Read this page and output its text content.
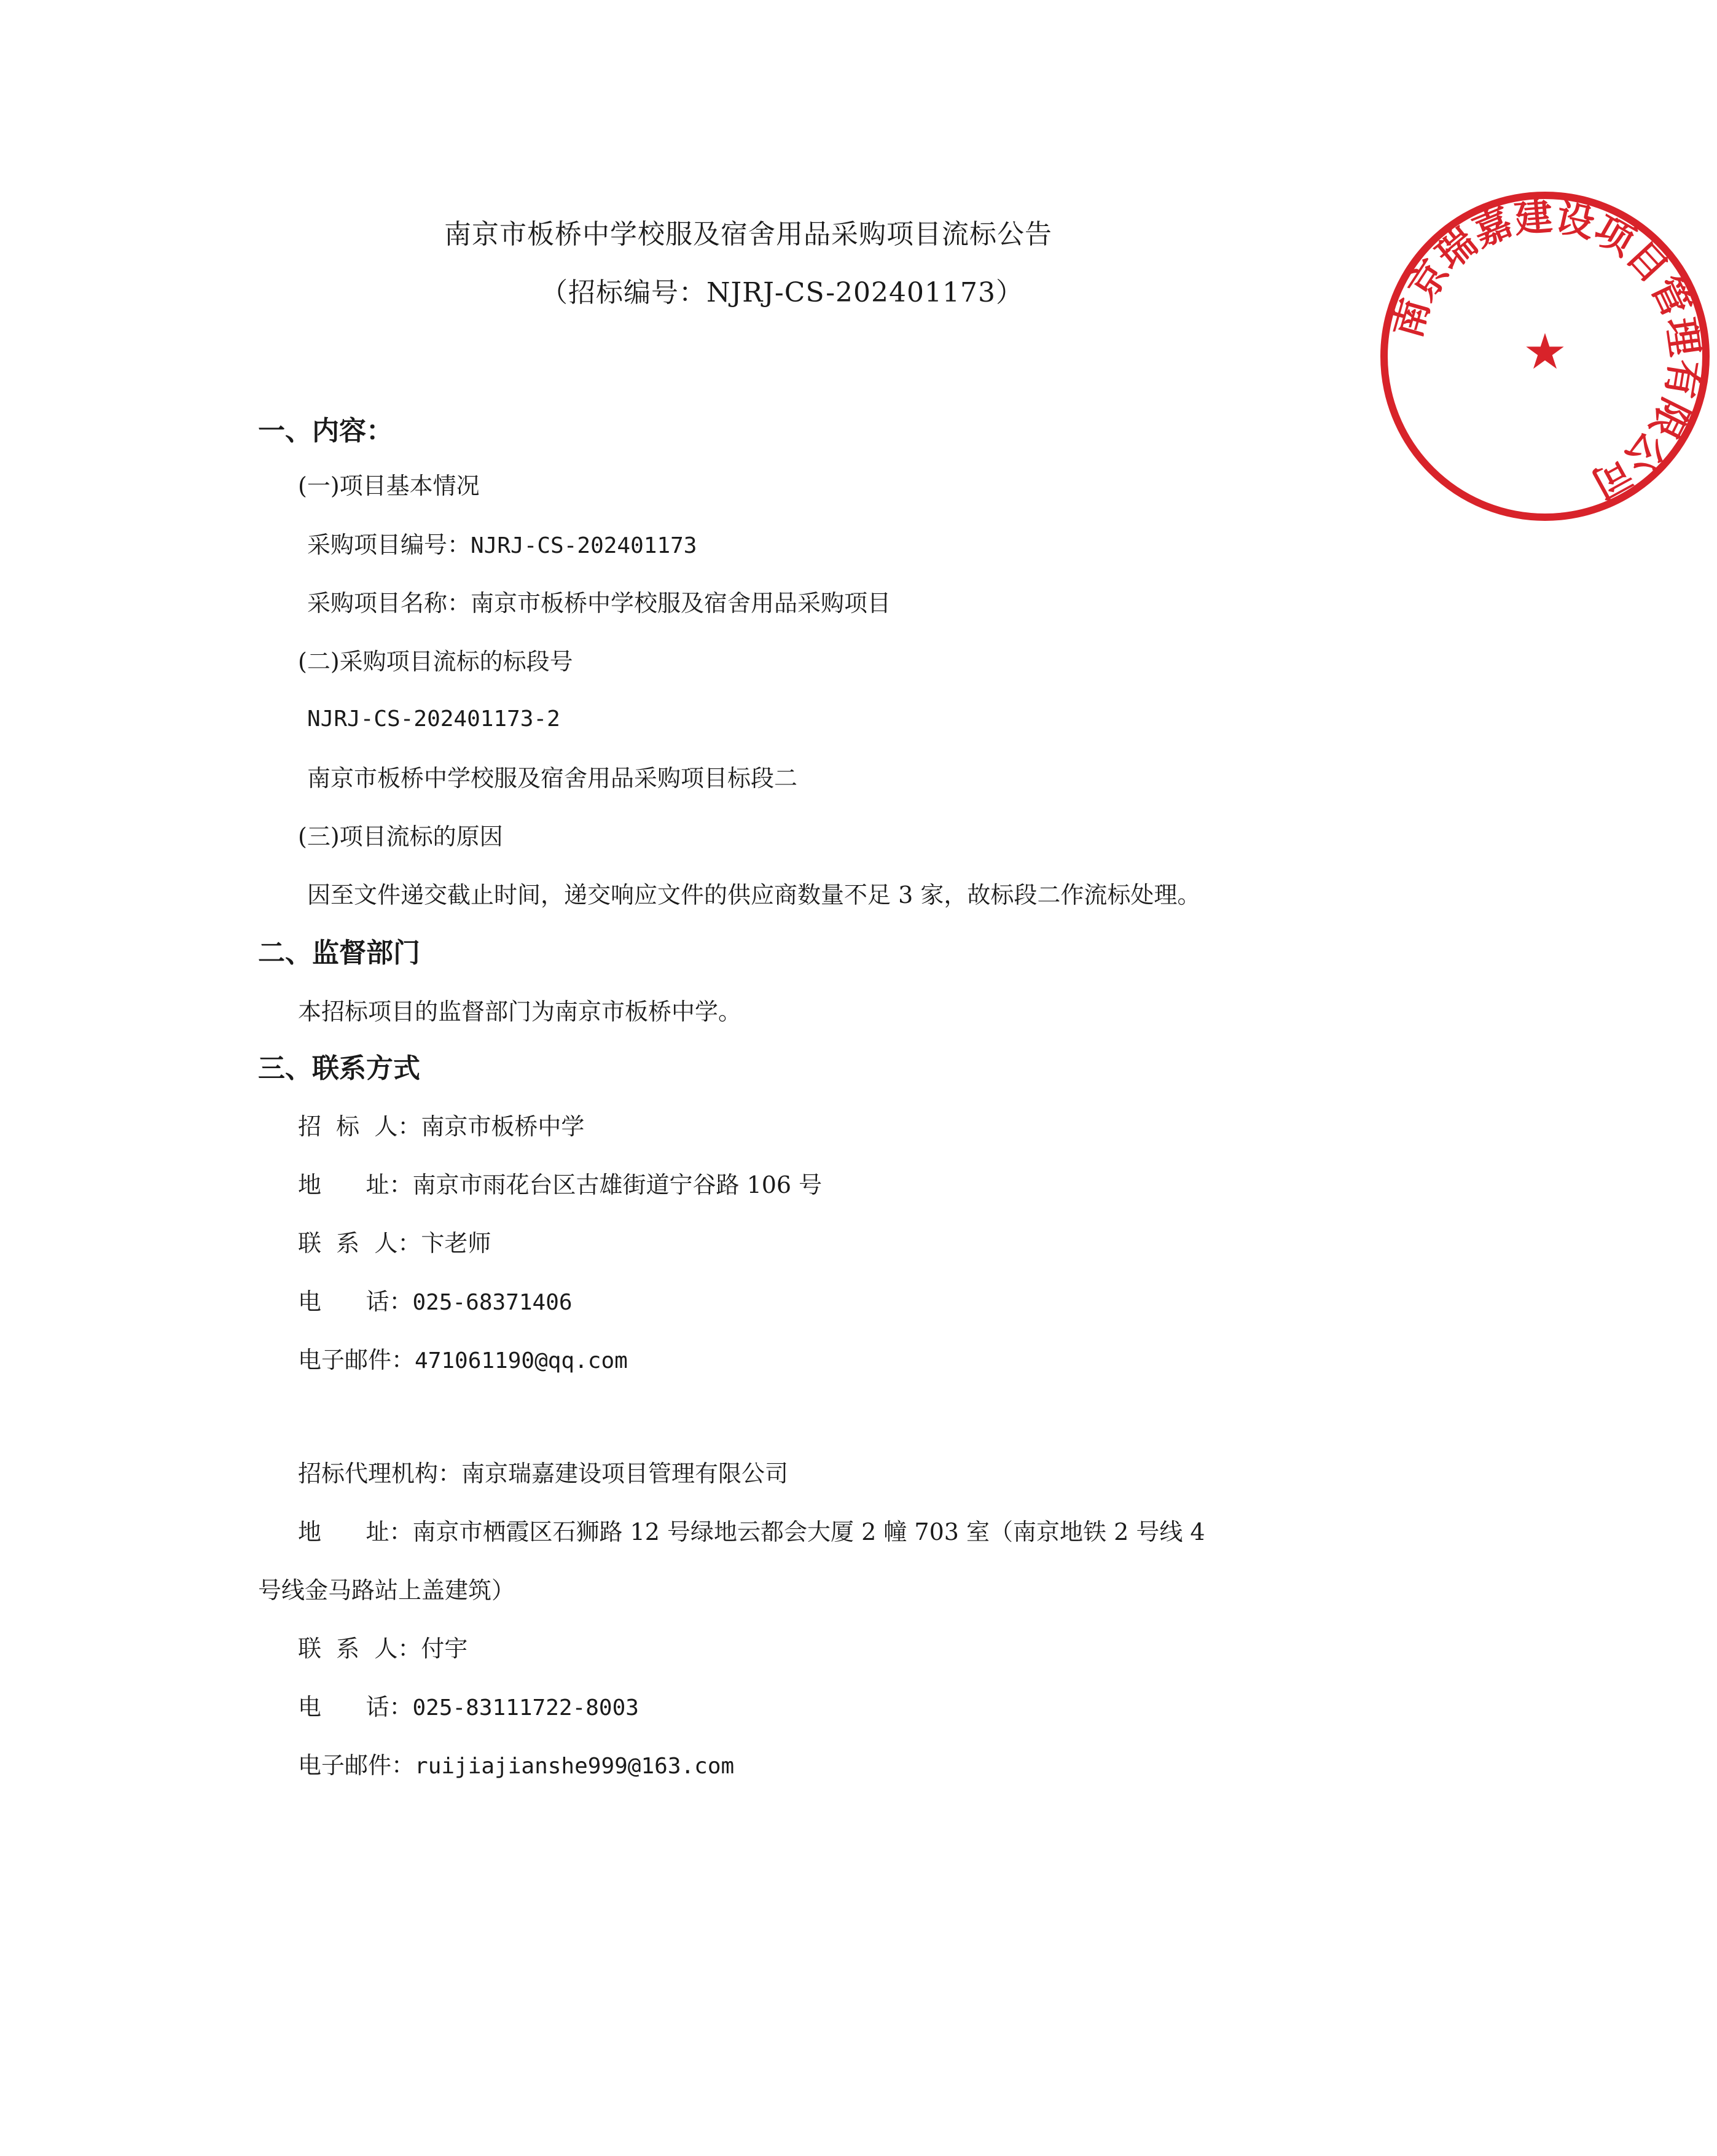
南京市板桥中学校服及宿舍用品采购项目流标公告
（招标编号：NJRJ-CS-202401173）
一、内容：
(一)项目基本情况
采购项目编号：NJRJ-CS-202401173
采购项目名称：南京市板桥中学校服及宿舍用品采购项目
(二)采购项目流标的标段号
NJRJ-CS-202401173-2
南京市板桥中学校服及宿舍用品采购项目标段二
(三)项目流标的原因
因至文件递交截止时间，递交响应文件的供应商数量不足 3 家，故标段二作流标处理。
二、监督部门
本招标项目的监督部门为南京市板桥中学。
三、联系方式
招  标  人：南京市板桥中学
地      址：南京市雨花台区古雄街道宁谷路 106 号
联  系  人：卞老师
电      话：025-68371406
电子邮件：471061190@qq.com
招标代理机构：南京瑞嘉建设项目管理有限公司
地      址：南京市栖霞区石狮路 12 号绿地云都会大厦 2 幢 703 室（南京地铁 2 号线 4
号线金马路站上盖建筑）
联  系  人：付宇
电      话：025-83111722-8003
电子邮件：ruijiajianshe999@163.com
南京瑞嘉建设项目管理有限公司
★
